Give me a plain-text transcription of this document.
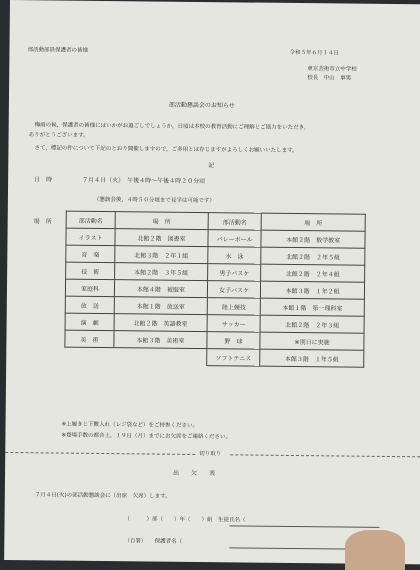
部活動部員保護者の皆様	令和５年６月１４日
東京芸術市立中学校
校長　中山　事男
部活動懇談会のお知らせ
梅雨の候，保護者の皆様にはいかがお過ごしでしょうか。日頃は本校の教育活動にご理解とご協力をいただき，
ありがとうございます。
さて，標記の件について下記のとおり開催しますので，ご多用とは存じますがよろしくお願いいたします。
記
日　時	７月４日（火）　午後４時～午後４時２０分頃
（懇談会後，４時５０分頃まで見学は可能です）
場　所	部活動名	場　所	部活動名	場　所
イラスト	北館２階　図書室	バレーボール	本館２階　数学教室
音　楽	北館３階　２年１組	水　泳	北館２階　２年５組
技　術	本館２階　３年５組	男子バスケ	北館２階　２年４組
家庭科	本館４階　被服室	女子バスケ	本館３階　１年２組
放　送	本館１階　放送室	陸上競技	本館１階　第一理科室
演　劇	北館２階　英語教室	サッカー	北館２階　２年３組
美　術	本館３階　美術室	野　球	※別日に実施
		ソフトテニス	本館３階　１年５組
※上履きと下靴入れ（レジ袋など）をご持参ください。
※登場手数の都合上，１９日（月）までにお欠席をご連絡ください。
切り取り
出　　欠　　表
７月４日(火)の部活動懇談会に（出席　欠席）します。
（　　　）部（　　）年（　　）組　生徒氏名（
（自署）　　保護者名（
